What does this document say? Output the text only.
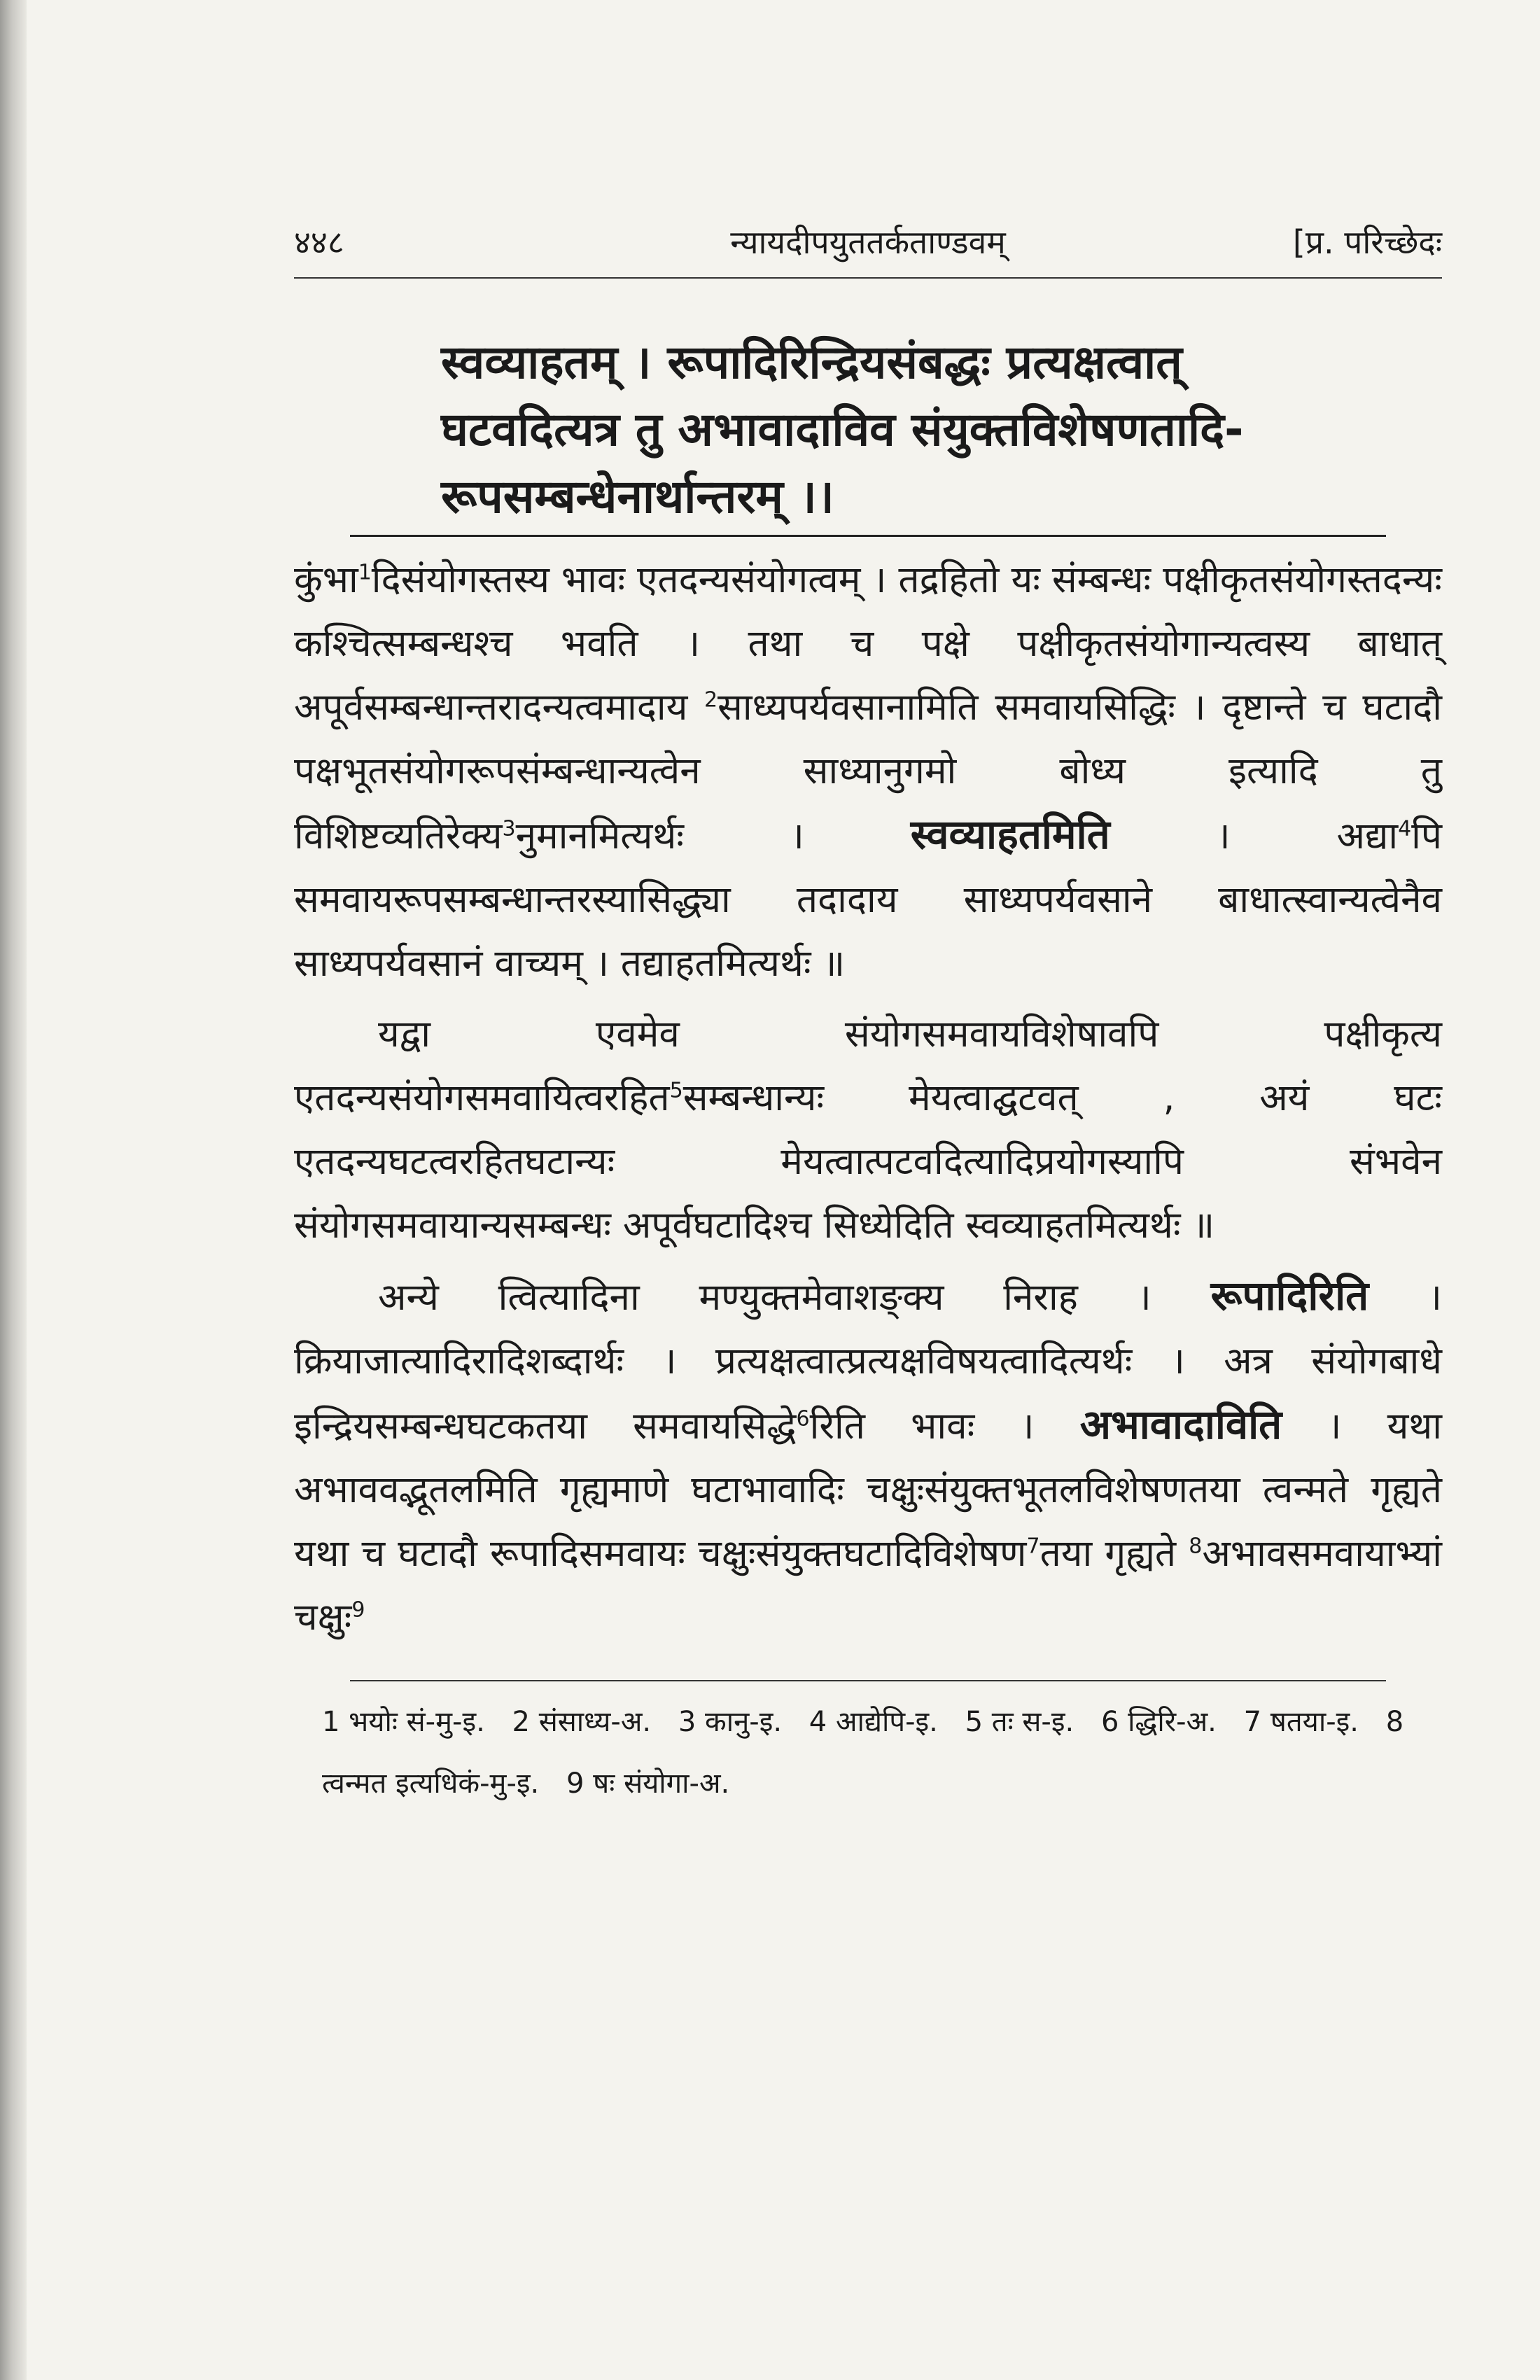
४४८	न्यायदीपयुततर्कताण्डवम्	[प्र. परिच्छेदः
स्वव्याहतम् । रूपादिरिन्द्रियसंबद्धः प्रत्यक्षत्वात्
घटवदित्यत्र तु अभावादाविव संयुक्तविशेषणतादि-
रूपसम्बन्धेनार्थान्तरम् ।।

कुंभा$^1$दिसंयोगस्तस्य भावः एतदन्यसंयोगत्वम् । तद्रहितो यः संम्बन्धः पक्षीकृतसंयोगस्तदन्यः कश्चित्सम्बन्धश्च भवति । तथा च पक्षे पक्षीकृतसंयोगान्यत्वस्य बाधात् अपूर्वसम्बन्धान्तरादन्यत्वमादाय $^2$साध्यपर्यवसानामिति समवायसिद्धिः । दृष्टान्ते च घटादौ पक्षभूतसंयोगरूपसंम्बन्धान्यत्वेन साध्यानुगमो बोध्य इत्यादि तु विशिष्टव्यतिरेक्य$^3$नुमानमित्यर्थः । स्वव्याहतमिति । अद्या$^4$पि समवायरूपसम्बन्धान्तरस्यासिद्ध्या तदादाय साध्यपर्यवसाने बाधात्स्वान्यत्वेनैव साध्यपर्यवसानं वाच्यम् । तद्याहतमित्यर्थः ॥

यद्वा एवमेव संयोगसमवायविशेषावपि पक्षीकृत्य एतदन्यसंयोगसमवायित्वरहित$^5$सम्बन्धान्यः मेयत्वाद्घटवत् , अयं घटः एतदन्यघटत्वरहितघटान्यः मेयत्वात्पटवदित्यादिप्रयोगस्यापि संभवेन संयोगसमवायान्यसम्बन्धः अपूर्वघटादिश्च सिध्येदिति स्वव्याहतमित्यर्थः ॥

अन्ये त्वित्यादिना मण्युक्तमेवाशङ्क्य निराह । रूपादिरिति । क्रियाजात्यादिरादिशब्दार्थः । प्रत्यक्षत्वात्प्रत्यक्षविषयत्वादित्यर्थः । अत्र संयोगबाधे इन्द्रियसम्बन्धघटकतया समवायसिद्धे$^6$रिति भावः । अभावादाविति । यथा अभाववद्भूतलमिति गृह्यमाणे घटाभावादिः चक्षुःसंयुक्तभूतलविशेषणतया त्वन्मते गृह्यते यथा च घटादौ रूपादिसमवायः चक्षुःसंयुक्तघटादिविशेषण$^7$तया गृह्यते $^8$अभावसमवायाभ्यां चक्षुः$^9$

1 भयोः सं-मु-इ. 2 संसाध्य-अ. 3 कानु-इ. 4 आद्येपि-इ. 5 तः स-इ. 6 द्धिरि-अ. 7 षतया-इ. 8 त्वन्मत इत्यधिकं-मु-इ. 9 षः संयोगा-अ.
